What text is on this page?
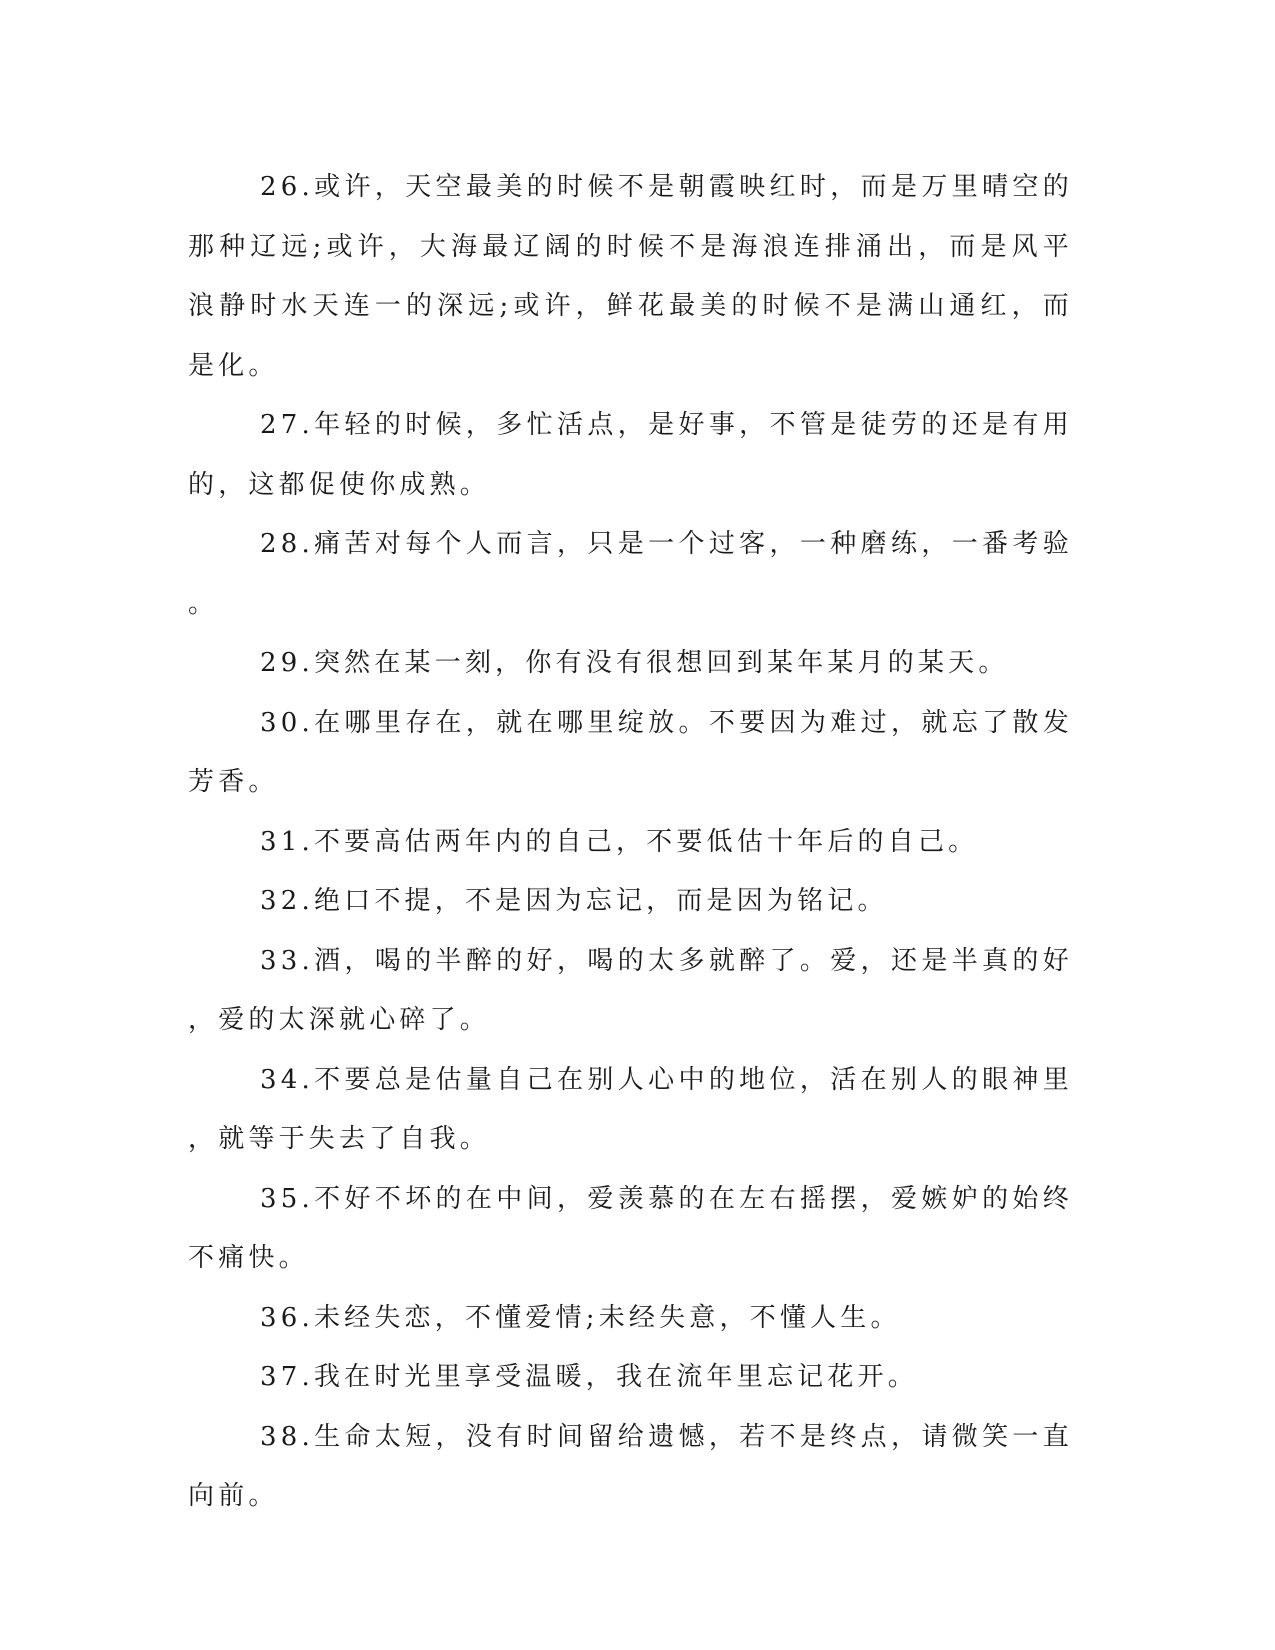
26.或许，天空最美的时候不是朝霞映红时，而是万里晴空的那种辽远;或许，大海最辽阔的时候不是海浪连排涌出，而是风平浪静时水天连一的深远;或许，鲜花最美的时候不是满山通红，而是化。

27.年轻的时候，多忙活点，是好事，不管是徒劳的还是有用的，这都促使你成熟。

28.痛苦对每个人而言，只是一个过客，一种磨练，一番考验。

29.突然在某一刻，你有没有很想回到某年某月的某天。

30.在哪里存在，就在哪里绽放。不要因为难过，就忘了散发芳香。

31.不要高估两年内的自己，不要低估十年后的自己。

32.绝口不提，不是因为忘记，而是因为铭记。

33.酒，喝的半醉的好，喝的太多就醉了。爱，还是半真的好，爱的太深就心碎了。

34.不要总是估量自己在别人心中的地位，活在别人的眼神里，就等于失去了自我。

35.不好不坏的在中间，爱羡慕的在左右摇摆，爱嫉妒的始终不痛快。

36.未经失恋，不懂爱情;未经失意，不懂人生。

37.我在时光里享受温暖，我在流年里忘记花开。

38.生命太短，没有时间留给遗憾，若不是终点，请微笑一直向前。
